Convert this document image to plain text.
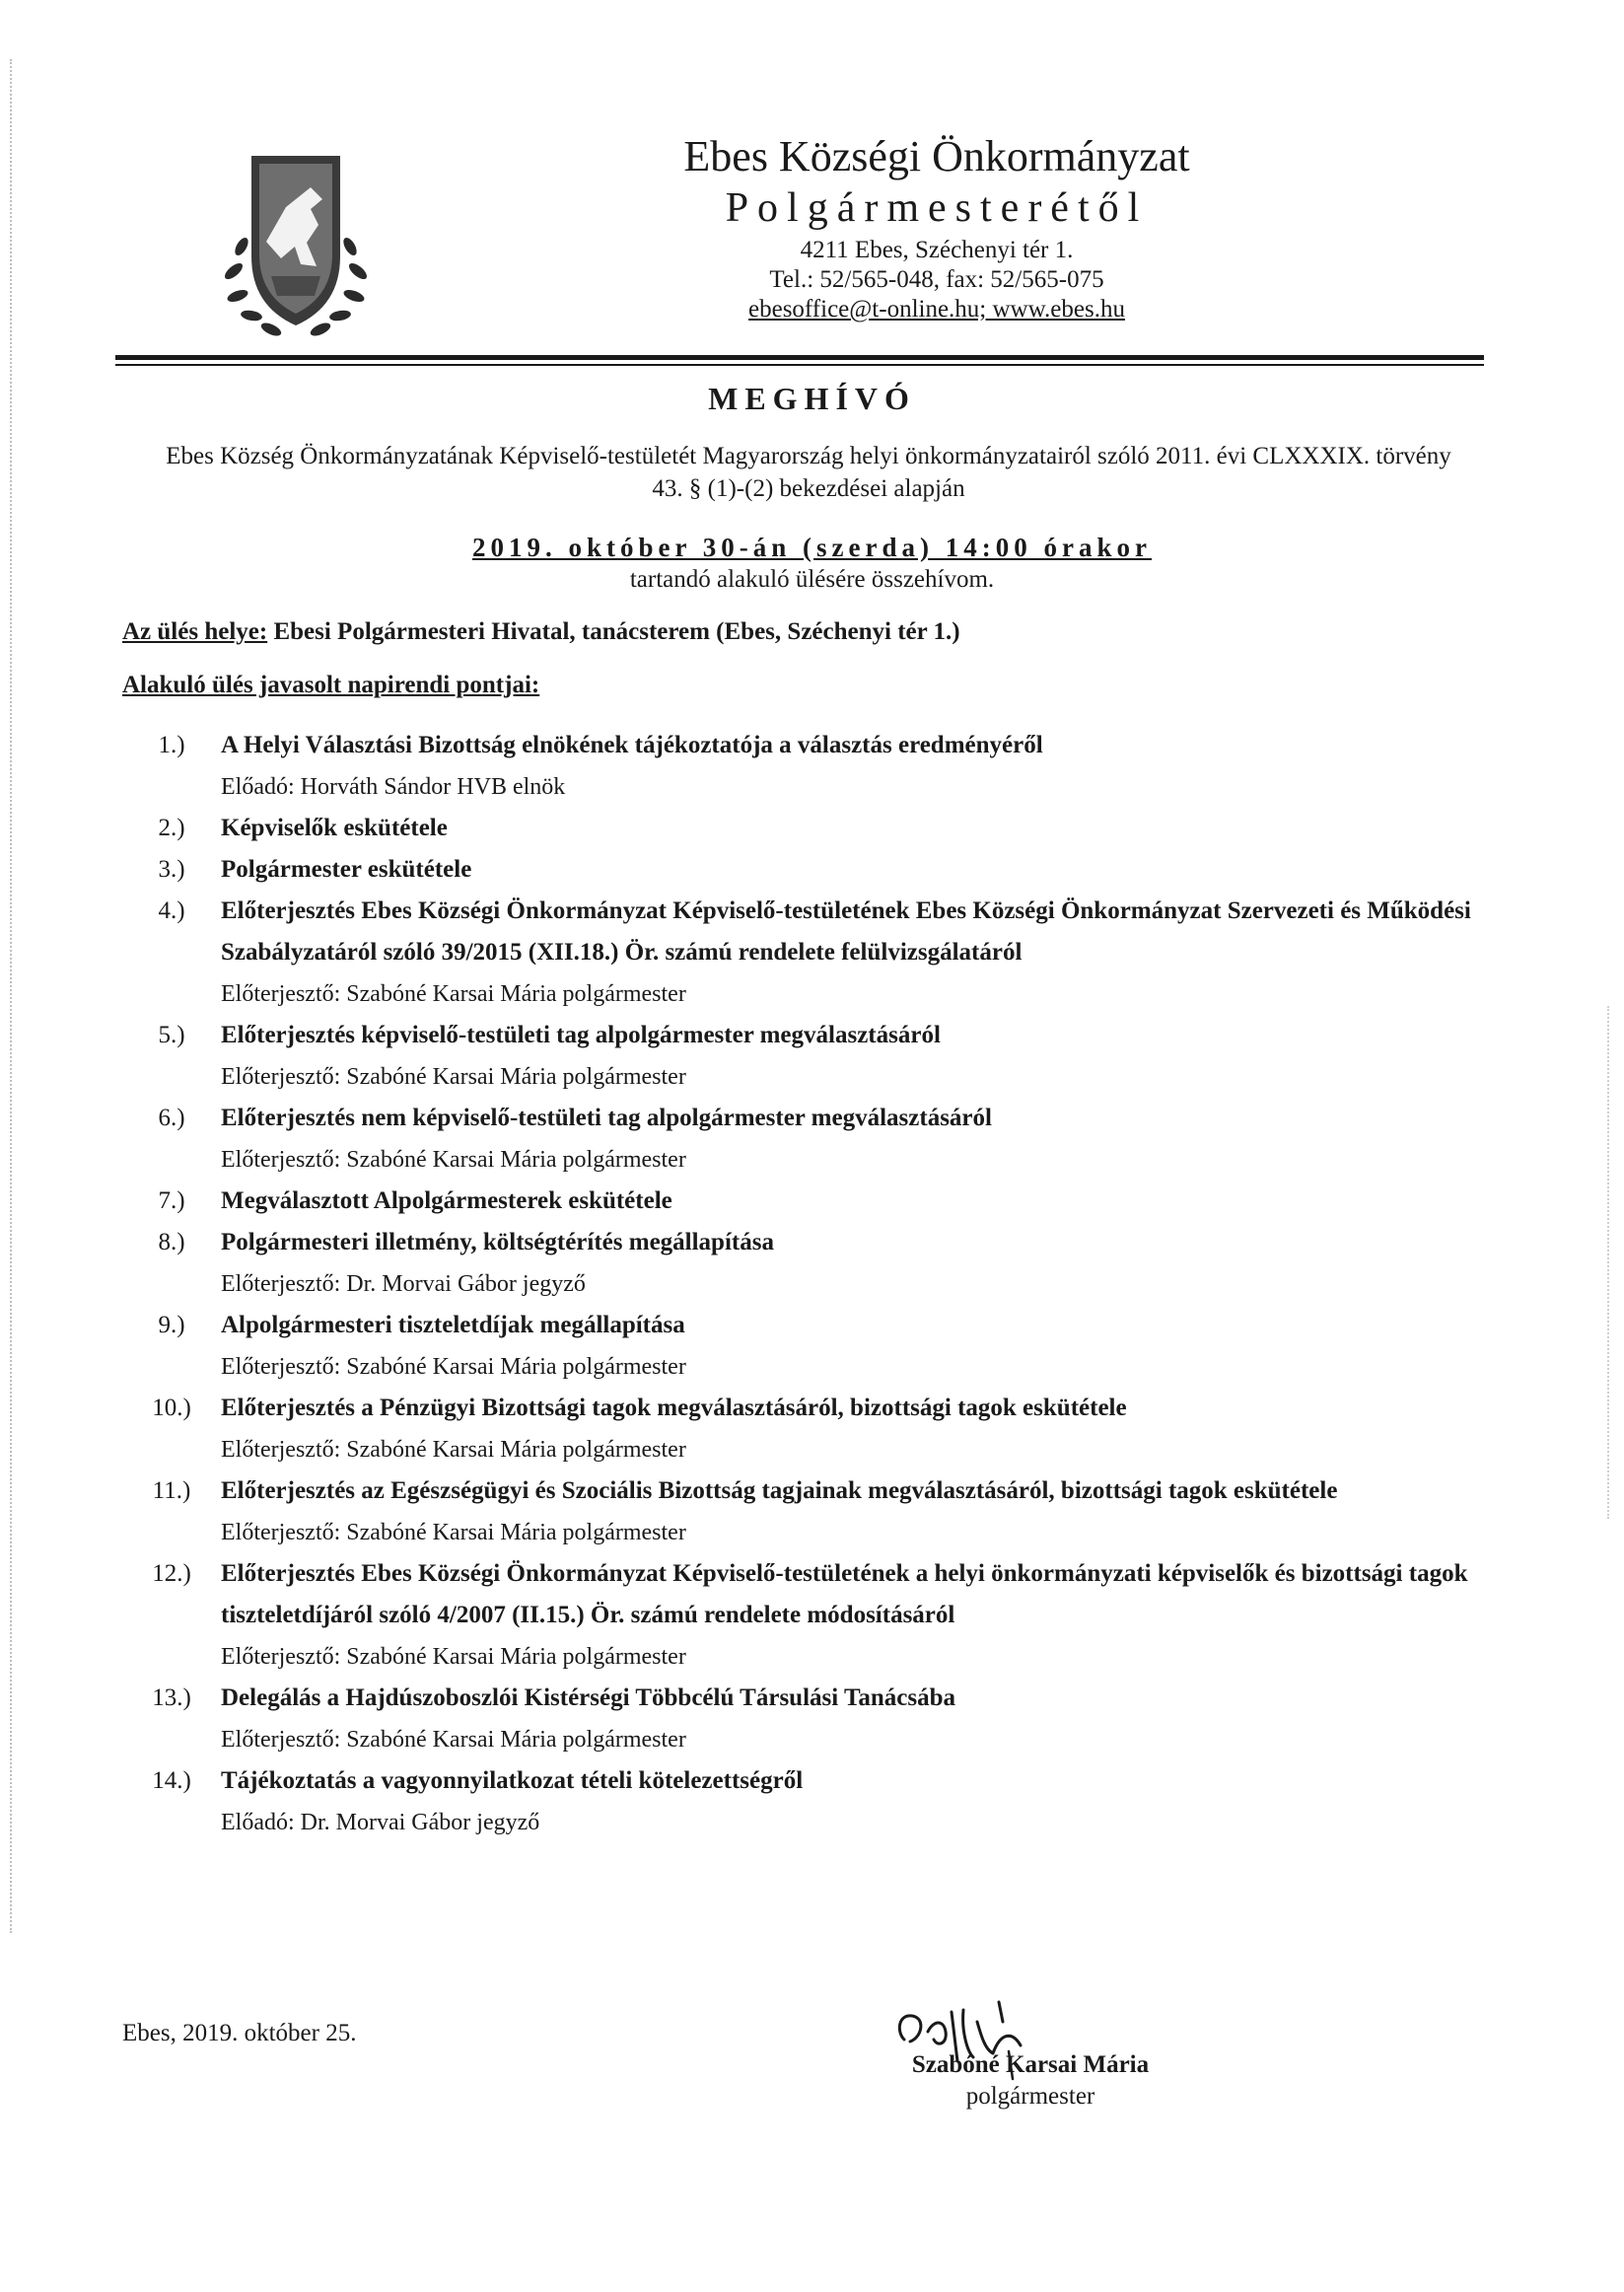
Ebes Községi Önkormányzat
Polgármesterétől
4211 Ebes, Széchenyi tér 1.
Tel.: 52/565-048, fax: 52/565-075
ebesoffice@t-online.hu; www.ebes.hu
MEGHÍVÓ
Ebes Község Önkormányzatának Képviselő-testületét Magyarország helyi önkormányzatairól szóló 2011. évi CLXXXIX. törvény 43. § (1)-(2) bekezdései alapján
2019. október 30-án (szerda) 14:00 órakor
tartandó alakuló ülésére összehívom.
Az ülés helye: Ebesi Polgármesteri Hivatal, tanácsterem (Ebes, Széchenyi tér 1.)
Alakuló ülés javasolt napirendi pontjai:
1.)	A Helyi Választási Bizottság elnökének tájékoztatója a választás eredményéről
Előadó: Horváth Sándor HVB elnök
2.)	Képviselők eskütétele
3.)	Polgármester eskütétele
4.)	Előterjesztés Ebes Községi Önkormányzat Képviselő-testületének Ebes Községi Önkormányzat Szervezeti és Működési Szabályzatáról szóló 39/2015 (XII.18.) Ör. számú rendelete felülvizsgálatáról
Előterjesztő: Szabóné Karsai Mária polgármester
5.)	Előterjesztés képviselő-testületi tag alpolgármester megválasztásáról
Előterjesztő: Szabóné Karsai Mária polgármester
6.)	Előterjesztés nem képviselő-testületi tag alpolgármester megválasztásáról
Előterjesztő: Szabóné Karsai Mária polgármester
7.)	Megválasztott Alpolgármesterek eskütétele
8.)	Polgármesteri illetmény, költségtérítés megállapítása
Előterjesztő: Dr. Morvai Gábor jegyző
9.)	Alpolgármesteri tiszteletdíjak megállapítása
Előterjesztő: Szabóné Karsai Mária polgármester
10.)	Előterjesztés a Pénzügyi Bizottsági tagok megválasztásáról, bizottsági tagok eskütétele
Előterjesztő: Szabóné Karsai Mária polgármester
11.)	Előterjesztés az Egészségügyi és Szociális Bizottság tagjainak megválasztásáról, bizottsági tagok eskütétele
Előterjesztő: Szabóné Karsai Mária polgármester
12.)	Előterjesztés Ebes Községi Önkormányzat Képviselő-testületének a helyi önkormányzati képviselők és bizottsági tagok tiszteletdíjáról szóló 4/2007 (II.15.) Ör. számú rendelete módosításáról
Előterjesztő: Szabóné Karsai Mária polgármester
13.)	Delegálás a Hajdúszoboszlói Kistérségi Többcélú Társulási Tanácsába
Előterjesztő: Szabóné Karsai Mária polgármester
14.)	Tájékoztatás a vagyonnyilatkozat tételi kötelezettségről
Előadó: Dr. Morvai Gábor jegyző
Ebes, 2019. október 25.
Szabóné Karsai Mária
polgármester
